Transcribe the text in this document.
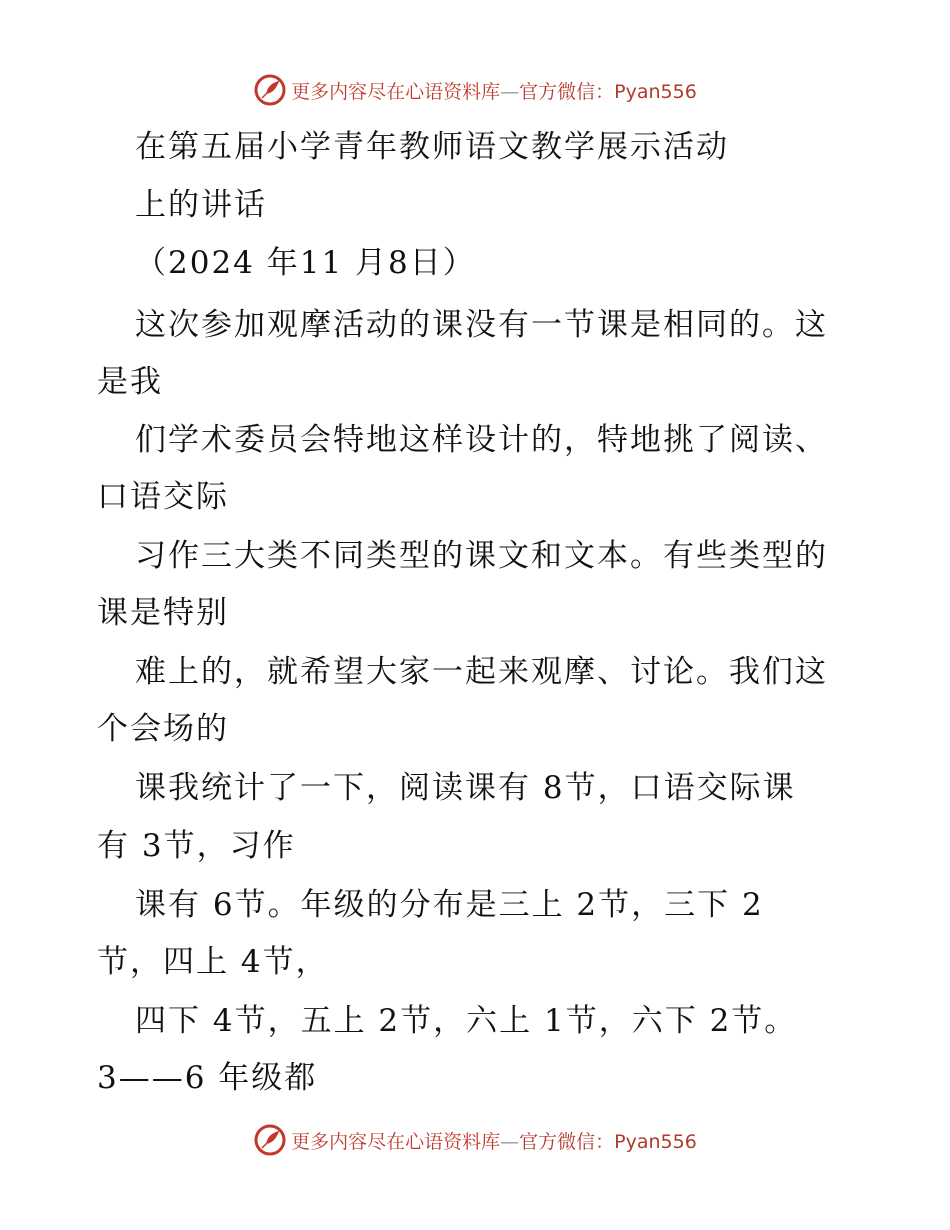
更多内容尽在心语资料库—官方微信：Pyan556
在第五届小学青年教师语文教学展示活动
上的讲话
（2024 年11 月8日）
这次参加观摩活动的课没有一节课是相同的。这
是我
们学术委员会特地这样设计的，特地挑了阅读、
口语交际
习作三大类不同类型的课文和文本。有些类型的
课是特别
难上的，就希望大家一起来观摩、讨论。我们这
个会场的
课我统计了一下，阅读课有 8节，口语交际课
有 3节，习作
课有 6节。年级的分布是三上 2节，三下 2
节，四上 4节，
四下 4节，五上 2节，六上 1节，六下 2节。
3——6 年级都
更多内容尽在心语资料库—官方微信：Pyan556
